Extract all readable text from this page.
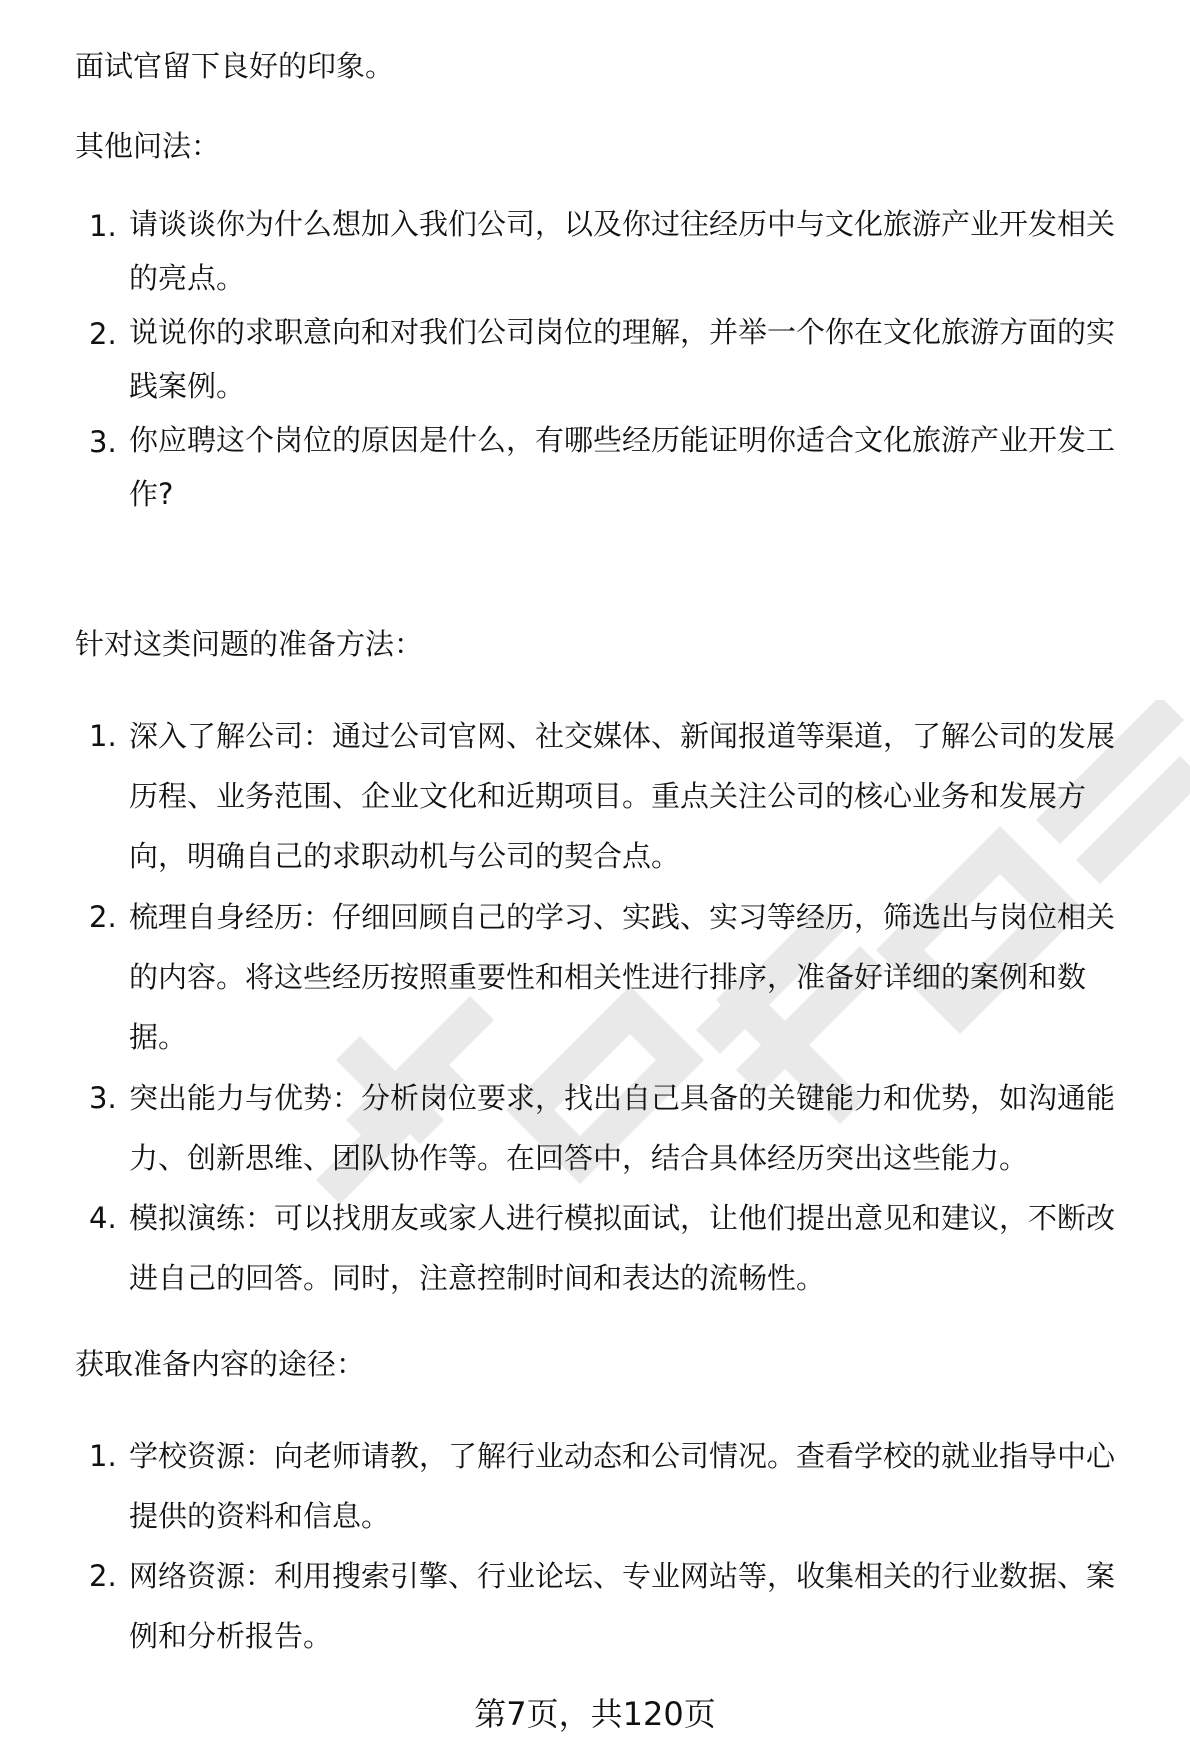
面试官留下良好的印象。

其他问法：

1. 请谈谈你为什么想加入我们公司，以及你过往经历中与文化旅游产业开发相关
的亮点。
2. 说说你的求职意向和对我们公司岗位的理解，并举一个你在文化旅游方面的实
践案例。
3. 你应聘这个岗位的原因是什么，有哪些经历能证明你适合文化旅游产业开发工
作?

针对这类问题的准备方法：

1. 深入了解公司：通过公司官网、社交媒体、新闻报道等渠道，了解公司的发展
历程、业务范围、企业文化和近期项目。重点关注公司的核心业务和发展方
向，明确自己的求职动机与公司的契合点。
2. 梳理自身经历：仔细回顾自己的学习、实践、实习等经历，筛选出与岗位相关
的内容。将这些经历按照重要性和相关性进行排序，准备好详细的案例和数
据。
3. 突出能力与优势：分析岗位要求，找出自己具备的关键能力和优势，如沟通能
力、创新思维、团队协作等。在回答中，结合具体经历突出这些能力。
4. 模拟演练：可以找朋友或家人进行模拟面试，让他们提出意见和建议，不断改
进自己的回答。同时，注意控制时间和表达的流畅性。

获取准备内容的途径：

1. 学校资源：向老师请教，了解行业动态和公司情况。查看学校的就业指导中心
提供的资料和信息。
2. 网络资源：利用搜索引擎、行业论坛、专业网站等，收集相关的行业数据、案
例和分析报告。
第7页，共120页
